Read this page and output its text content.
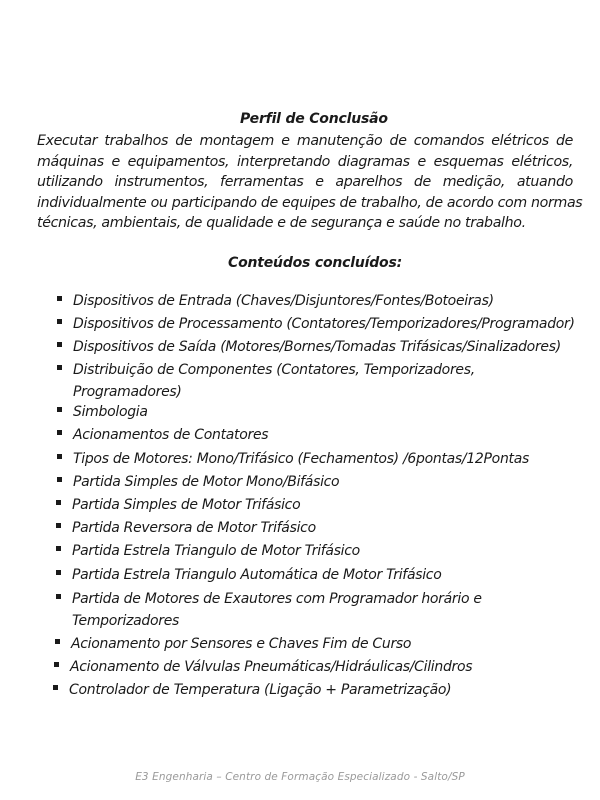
Perfil de Conclusão
Executar trabalhos de montagem e manutenção de comandos elétricos de
máquinas e equipamentos, interpretando diagramas e esquemas elétricos,
utilizando instrumentos, ferramentas e aparelhos de medição, atuando
individualmente ou participando de equipes de trabalho, de acordo com normas
técnicas, ambientais, de qualidade e de segurança e saúde no trabalho.
Conteúdos concluídos:
Dispositivos de Entrada (Chaves/Disjuntores/Fontes/Botoeiras)
Dispositivos de Processamento (Contatores/Temporizadores/Programador)
Dispositivos de Saída (Motores/Bornes/Tomadas Trifásicas/Sinalizadores)
Distribuição de Componentes (Contatores, Temporizadores,
Programadores)
Simbologia
Acionamentos de Contatores
Tipos de Motores: Mono/Trifásico (Fechamentos) /6pontas/12Pontas
Partida Simples de Motor Mono/Bifásico
Partida Simples de Motor Trifásico
Partida Reversora de Motor Trifásico
Partida Estrela Triangulo de Motor Trifásico
Partida Estrela Triangulo Automática de Motor Trifásico
Partida de Motores de Exautores com Programador horário e
Temporizadores
Acionamento por Sensores e Chaves Fim de Curso
Acionamento de Válvulas Pneumáticas/Hidráulicas/Cilindros
Controlador de Temperatura (Ligação + Parametrização)
E3 Engenharia – Centro de Formação Especializado - Salto/SP
